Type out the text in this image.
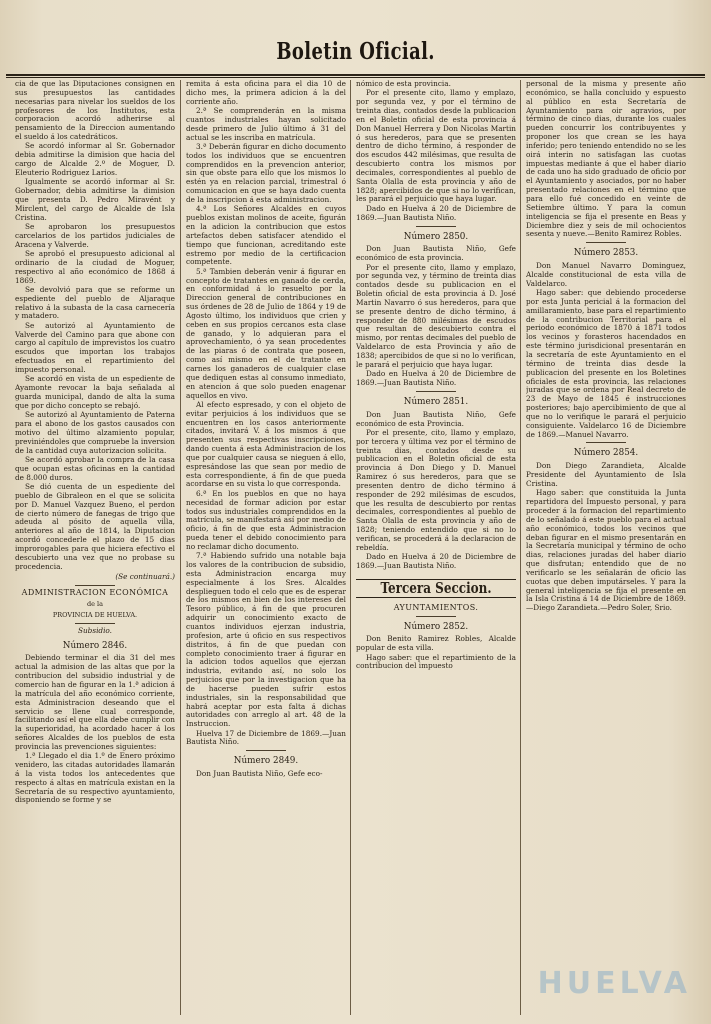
Boletin Oficial.

cia de que las Diputaciones consignen en sus presupuestos las cantidades necesarias para nivelar los sueldos de los profesores de los Institutos, esta corporacion acordó adherirse al pensamiento de la Direccion aumentando el sueldo á los catedráticos.

Se acordó informar al Sr. Gobernador debia admitirse la dimision que hacia del cargo de Alcalde 2.º de Moguer, D. Eleuterio Rodriguez Larios.

Igualmente se acordó informar al Sr. Gobernador, debia admitirse la dimision que presenta D. Pedro Miravént y Mirclent, del cargo de Alcalde de Isla Cristina.

Se aprobaron los presupuestos carcelarios de los partidos judiciales de Aracena y Valverde.

Se aprobó el presupuesto adicional al ordinario de la ciudad de Moguer, respectivo al año económico de 1868 á 1869.

Se devolvió para que se reforme un espediente del pueblo de Aljaraque relativo á la subasta de la casa carnecería y matadero.

Se autorizó al Ayuntamiento de Valverde del Camino para que abone con cargo al capítulo de imprevistos los cuatro escudos que importan los trabajos efectuados en el repartimiento del impuesto personal.

Se acordó en vista de un espediente de Ayamonte revocar la baja señalada al guarda municipal, dando de alta la suma que por dicho concepto se rebajó.

Se autorizó al Ayuntamiento de Paterna para el abono de los gastos causados con motivo del último alzamiento popular, previniéndoles que compruebe la inversion de la cantidad cuya autorizacion solicita.

Se acordó aprobar la compra de la casa que ocupan estas oficinas en la cantidad de 8.000 duros.

Se dió cuenta de un espediente del pueblo de Gibraleon en el que se solicita por D. Manuel Vazquez Bueno, el perdon de cierto número de fanegas de trigo que adeuda al pósito de aquella villa, anteriores al año de 1814, la Diputacion acordó concederle el plazo de 15 dias improrogables para que hiciera efectivo el descubierto una vez que no probase su procedencia.

(Se continuará.)
ADMINISTRACION ECONÓMICA
de la
PROVINCIA DE HUELVA.
Subsidio.
Número 2846.

Debiendo terminar el dia 31 del mes actual la admision de las altas que por la contribucion del subsidio industrial y de comercio han de figurar en la 1.ª adicion á la matrícula del año económico corriente, esta Administracion deseando que el servicio se llene cual corresponde, facilitando así el que ella debe cumplir con la superioridad, ha acordado hacer á los señores Alcaldes de los pueblos de esta provincia las prevenciones siguientes:

1.ª Llegado el dia 1.º de Enero próximo venidero, las citadas autoridades llamarán á la vista todos los antecedentes que respecto á altas en matrícula existan en la Secretaría de su respectivo ayuntamiento, disponiendo se forme y se

remita á esta oficina para el dia 10 de dicho mes, la primera adicion á la del corriente año.

2.ª Se comprenderán en la misma cuantos industriales hayan solicitado desde primero de Julio último á 31 del actual se les inscriba en matrícula.

3.ª Deberán figurar en dicho documento todos los individuos que se encuentren comprendidos en la prevencion anterior, sin que obste para ello que los mismos lo estén ya en relacion parcial, trimestral ó comunicacion en que se haya dado cuenta de la inscripcion á esta administracion.

4.ª Los Señores Alcaldes en cuyos pueblos existan molinos de aceite, figurán en la adicion la contribucion que estos artefactos deben satisfacer atendido el tiempo que funcionan, acreditando este estremo por medio de la certificacion competente.

5.ª Tambien deberán venir á figurar en concepto de tratantes en ganado de cerda, en conformidad á lo resuelto por la Direccion general de contribuciones en sus órdenes de 28 de Julio de 1864 y 19 de Agosto último, los individuos que crien y ceben en sus propios cercanos esta clase de ganado, y lo adquieran para el aprovechamiento, ó ya sean procedentes de las piaras ó de contrata que poseen, como así mismo en el de tratante en carnes los ganaderos de cualquier clase que dediquen estas al consumo inmediato, en atencion á que solo pueden enagenar aquellos en vivo.

Al efecto espresado, y con el objeto de evitar perjuicios á los individuos que se encuentren en los casos anteriormente citados, invitará V. á los mismos á que presenten sus respectivas inscripciones, dando cuenta á esta Administracion de los que por cualquier causa se nieguen á ello, espresándose las que sean por medio de esta correspondiente, á fin de que pueda acordarse en su vista lo que corresponda.

6.ª En los pueblos en que no haya necesidad de formar adicion por estar todos sus industriales comprendidos en la matrícula, se manifestará así por medio de oficio, á fin de que esta Administracion pueda tener el debido conocimiento para no reclamar dicho documento.

7.ª Habiendo sufrido una notable baja los valores de la contribucion de subsidio, esta Administracion encarga muy especialmente á los Sres. Alcaldes desplieguen todo el celo que es de esperar de los mismos en bien de los intereses del Tesoro público, á fin de que procuren adquirir un conocimiento exacto de cuantos individuos ejerzan industria, profesion, arte ú oficio en sus respectivos distritos, á fin de que puedan con completo conocimiento traer á figurar en la adicion todos aquellos que ejerzan industria, evitando así, no solo los perjuicios que por la investigacion que ha de hacerse pueden sufrir estos industriales, sin la responsabilidad que habrá aceptar por esta falta á dichas autoridades con arreglo al art. 48 de la Instruccion.

Huelva 17 de Diciembre de 1869.—Juan Bautista Niño.

Número 2849.

Don Juan Bautista Niño, Gefe eco-

nómico de esta provincia.

Por el presente cito, llamo y emplazo, por segunda vez, y por el término de treinta dias, contados desde la publicacion en el Boletin oficial de esta provincia á Don Manuel Herrera y Don Nicolas Martin ó sus herederos, para que se presenten dentro de dicho término, á responder de dos escudos 442 milésimas, que resulta de descubierto contra los mismos por decimales, correspondientes al pueblo de Santa Olalla de esta provincia y año de 1828; apercibidos de que si no lo verifican, les parará el perjuicio que haya lugar.

Dado en Huelva á 20 de Diciembre de 1869.—Juan Bautista Niño.

Número 2850.

Don Juan Bautista Niño, Gefe económico de esta provincia.

Por el presente cito, llamo y emplazo, por segunda vez, y término de treinta dias contados desde su publicacion en el Boletin oficial de esta provincia á D. José Martin Navarro ó sus herederos, para que se presente dentro de dicho término, á responder de 880 milésimas de escudos que resultan de descubierto contra el mismo, por rentas decimales del pueblo de Valdelarco de esta Provincia y año de 1838; apercibidos de que si no lo verifican, le parará el perjuicio que haya lugar.

Dado en Huelva á 20 de Diciembre de 1869.—Juan Bautista Niño.

Número 2851.

Don Juan Bautista Niño, Gefe económico de esta Provincia.

Por el presente, cito, llamo y emplazo, por tercera y última vez por el término de treinta dias, contados desde su publicacion en el Boletin oficial de esta provincia á Don Diego y D. Manuel Ramirez ó sus herederos, para que se presenten dentro de dicho término á responder de 292 milésimas de escudos, que les resulta de descubierto por rentas decimales, correspondientes al pueblo de Santa Olalla de esta provincia y año de 1828; teniendo entendido que si no lo verifican, se procederá á la declaracion de rebeldía.

Dado en Huelva á 20 de Diciembre de 1869.—Juan Bautista Niño.

Tercera Seccion.
AYUNTAMIENTOS.
Número 2852.

Don Benito Ramirez Robles, Alcalde popular de esta villa.

Hago saber: que el repartimiento de la contribucion del impuesto

personal de la misma y presente año económico, se halla concluido y espuesto al público en esta Secretaría de Ayuntamiento para oir agravios, por término de cinco dias, durante los cuales pueden concurrir los contribuyentes y proponer los que crean se les haya inferido; pero teniendo entendido no se les oirá interin no satisfagan las cuotas impuestas mediante á que el haber diario de cada uno ha sido graduado de oficio por el Ayuntamiento y asociados, por no haber presentado relaciones en el término que para ello fué concedido en veinte de Setiembre último. Y para la comun inteligencia se fija el presente en Beas y Diciembre diez y seis de mil ochocientos sesenta y nueve.—Benito Ramirez Robles.

Número 2853.

Don Manuel Navarro Dominguez, Alcalde constitucional de esta villa de Valdelarco.

Hago saber: que debiendo procederse por esta Junta pericial á la formacion del amillaramiento, base para el repartimiento de la contribucion Territorial para el periodo económico de 1870 á 1871 todos los vecinos y forasteros hacendados en este término jurisdicional presentarán en la secretaría de este Ayuntamiento en el término de treinta dias desde la publicacion del presente en los Boletines oficiales de esta provincia, las relaciones juradas que se ordena por Real decreto de 23 de Mayo de 1845 é instrucciones posteriores; bajo apercibimiento de que al que no lo verifique le parará el perjuicio consiguiente. Valdelarco 16 de Diciembre de 1869.—Manuel Navarro.

Número 2854.

Don Diego Zarandieta, Alcalde Presidente del Ayuntamiento de Isla Cristina.

Hago saber: que constituida la Junta repartidora del Impuesto personal, y para proceder á la formacion del repartimiento de lo señalado á este pueblo para el actual año económico, todos los vecinos que deban figurar en el mismo presentarán en la Secretaría municipal y término de ocho dias, relaciones juradas del haber diario que disfrutan; entendido que de no verificarlo se les señalarán de oficio las cuotas que deben imputárseles. Y para la general inteligencia se fija el presente en la Isla Cristina á 14 de Diciembre de 1869.—Diego Zarandieta.—Pedro Soler, Srio.

HUELVA
